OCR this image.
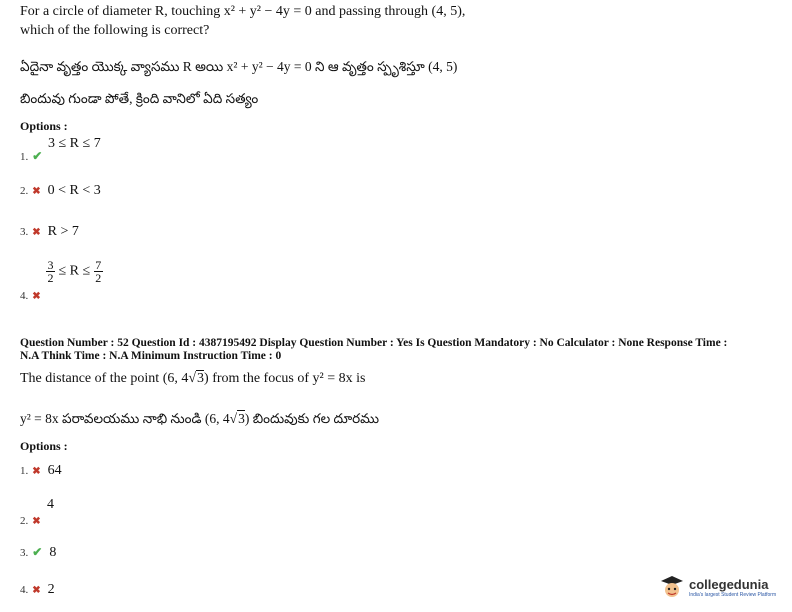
For a circle of diameter R, touching x² + y² − 4y = 0 and passing through (4, 5),
which of the following is correct?
ఏదైనా వృత్తం యొక్క వ్యాసము R అయి x² + y² − 4y = 0 ని ఆ వృత్తం స్పృశిస్తూ (4, 5)
బిందువు గుండా పోతే, క్రింది వానిలో ఏది సత్యం
Options :
1. ✔
3 ≤ R ≤ 7
2. ✖ 0 < R < 3
3. ✖ R > 7
4. ✖
$\frac{3}{2} \le R \le \frac{7}{2}$
Question Number : 52 Question Id : 4387195492 Display Question Number : Yes Is Question Mandatory : No Calculator : None Response Time :
N.A Think Time : N.A Minimum Instruction Time : 0
The distance of the point (6, 4√3) from the focus of y² = 8x is
y² = 8x పరావలయము నాభి నుండి (6, 4√3) బిందువుకు గల దూరము
Options :
1. ✖ 64
2. ✖
4
3. ✔ 8
4. ✖ 2	collegedunia
India's largest Student Review Platform
